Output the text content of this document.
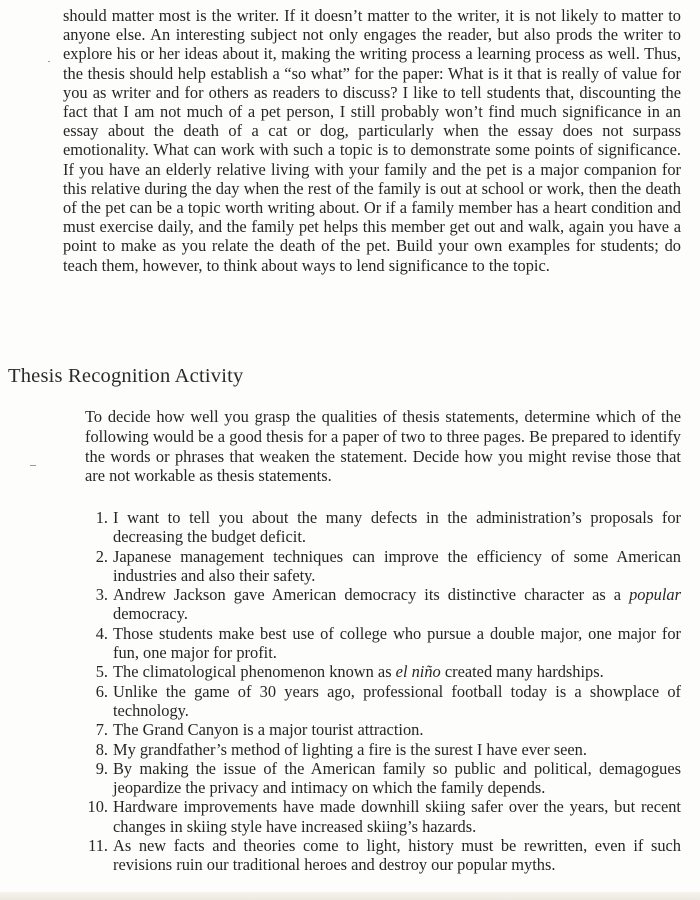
should matter most is the writer. If it doesn’t matter to the writer, it is not likely to matter to anyone else. An interesting subject not only engages the reader, but also prods the writer to explore his or her ideas about it, making the writing process a learning process as well. Thus, the thesis should help establish a “so what” for the paper: What is it that is really of value for you as writer and for others as readers to discuss? I like to tell students that, discounting the fact that I am not much of a pet person, I still probably won’t find much significance in an essay about the death of a cat or dog, particularly when the essay does not surpass emotionality. What can work with such a topic is to demonstrate some points of significance. If you have an elderly relative living with your family and the pet is a major companion for this relative during the day when the rest of the family is out at school or work, then the death of the pet can be a topic worth writing about. Or if a family member has a heart condition and must exercise daily, and the family pet helps this member get out and walk, again you have a point to make as you relate the death of the pet. Build your own examples for students; do teach them, however, to think about ways to lend significance to the topic.

Thesis Recognition Activity

To decide how well you grasp the qualities of thesis statements, determine which of the following would be a good thesis for a paper of two to three pages. Be prepared to identify the words or phrases that weaken the statement. Decide how you might revise those that are not workable as thesis statements.

1. I want to tell you about the many defects in the administration’s proposals for decreasing the budget deficit.
2. Japanese management techniques can improve the efficiency of some American industries and also their safety.
3. Andrew Jackson gave American democracy its distinctive character as a popular democracy.
4. Those students make best use of college who pursue a double major, one major for fun, one major for profit.
5. The climatological phenomenon known as el niño created many hardships.
6. Unlike the game of 30 years ago, professional football today is a showplace of technology.
7. The Grand Canyon is a major tourist attraction.
8. My grandfather’s method of lighting a fire is the surest I have ever seen.
9. By making the issue of the American family so public and political, demagogues jeopardize the privacy and intimacy on which the family depends.
10. Hardware improvements have made downhill skiing safer over the years, but recent changes in skiing style have increased skiing’s hazards.
11. As new facts and theories come to light, history must be rewritten, even if such revisions ruin our traditional heroes and destroy our popular myths.
